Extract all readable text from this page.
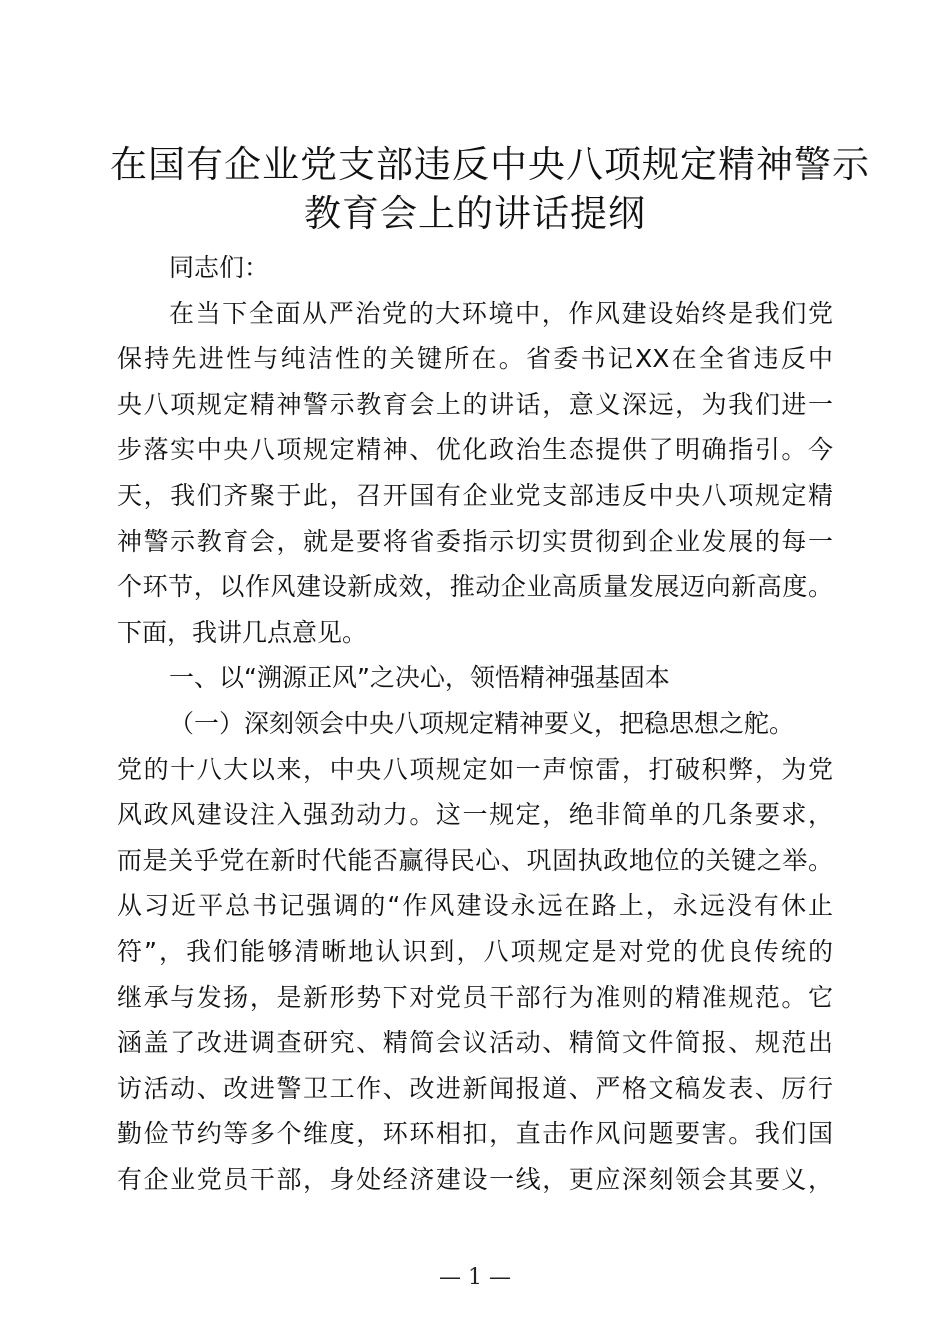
在国有企业党支部违反中央八项规定精神警示
教育会上的讲话提纲
同志们：
在当下全面从严治党的大环境中，作风建设始终是我们党
保持先进性与纯洁性的关键所在。省委书记XX在全省违反中
央八项规定精神警示教育会上的讲话，意义深远，为我们进一
步落实中央八项规定精神、优化政治生态提供了明确指引。今
天，我们齐聚于此，召开国有企业党支部违反中央八项规定精
神警示教育会，就是要将省委指示切实贯彻到企业发展的每一
个环节，以作风建设新成效，推动企业高质量发展迈向新高度。
下面，我讲几点意见。
一、以“溯源正风”之决心，领悟精神强基固本
（一）深刻领会中央八项规定精神要义，把稳思想之舵。
党的十八大以来，中央八项规定如一声惊雷，打破积弊，为党
风政风建设注入强劲动力。这一规定，绝非简单的几条要求，
而是关乎党在新时代能否赢得民心、巩固执政地位的关键之举。
从习近平总书记强调的“作风建设永远在路上，永远没有休止
符”，我们能够清晰地认识到，八项规定是对党的优良传统的
继承与发扬，是新形势下对党员干部行为准则的精准规范。它
涵盖了改进调查研究、精简会议活动、精简文件简报、规范出
访活动、改进警卫工作、改进新闻报道、严格文稿发表、厉行
勤俭节约等多个维度，环环相扣，直击作风问题要害。我们国
有企业党员干部，身处经济建设一线，更应深刻领会其要义，
— 1 —
